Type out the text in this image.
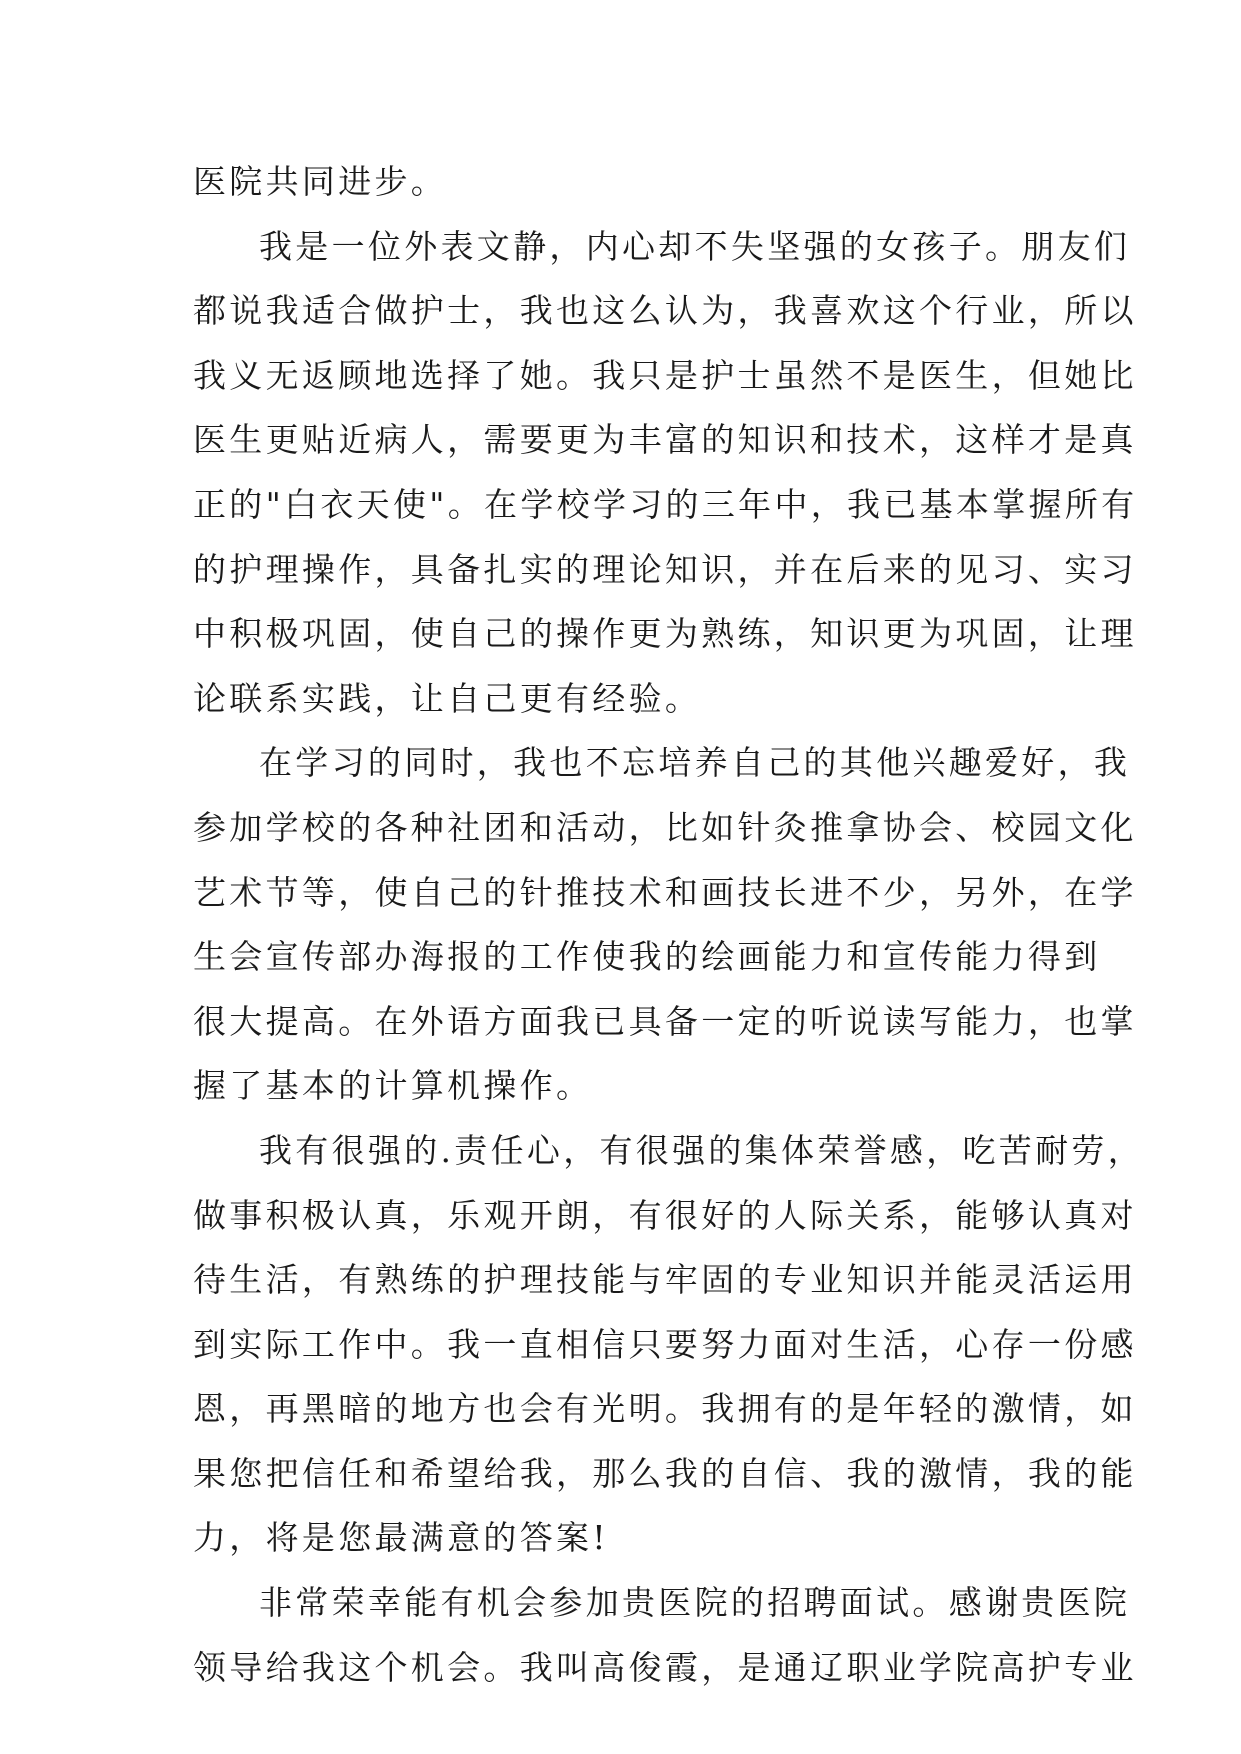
医院共同进步。
我是一位外表文静，内心却不失坚强的女孩子。朋友们
都说我适合做护士，我也这么认为，我喜欢这个行业，所以
我义无返顾地选择了她。我只是护士虽然不是医生，但她比
医生更贴近病人，需要更为丰富的知识和技术，这样才是真
正的"白衣天使"。在学校学习的三年中，我已基本掌握所有
的护理操作，具备扎实的理论知识，并在后来的见习、实习
中积极巩固，使自己的操作更为熟练，知识更为巩固，让理
论联系实践，让自己更有经验。
在学习的同时，我也不忘培养自己的其他兴趣爱好，我
参加学校的各种社团和活动，比如针灸推拿协会、校园文化
艺术节等，使自己的针推技术和画技长进不少，另外，在学
生会宣传部办海报的工作使我的绘画能力和宣传能力得到
很大提高。在外语方面我已具备一定的听说读写能力，也掌
握了基本的计算机操作。
我有很强的.责任心，有很强的集体荣誉感，吃苦耐劳，
做事积极认真，乐观开朗，有很好的人际关系，能够认真对
待生活，有熟练的护理技能与牢固的专业知识并能灵活运用
到实际工作中。我一直相信只要努力面对生活，心存一份感
恩，再黑暗的地方也会有光明。我拥有的是年轻的激情，如
果您把信任和希望给我，那么我的自信、我的激情，我的能
力，将是您最满意的答案!
非常荣幸能有机会参加贵医院的招聘面试。感谢贵医院
领导给我这个机会。我叫高俊霞，是通辽职业学院高护专业
